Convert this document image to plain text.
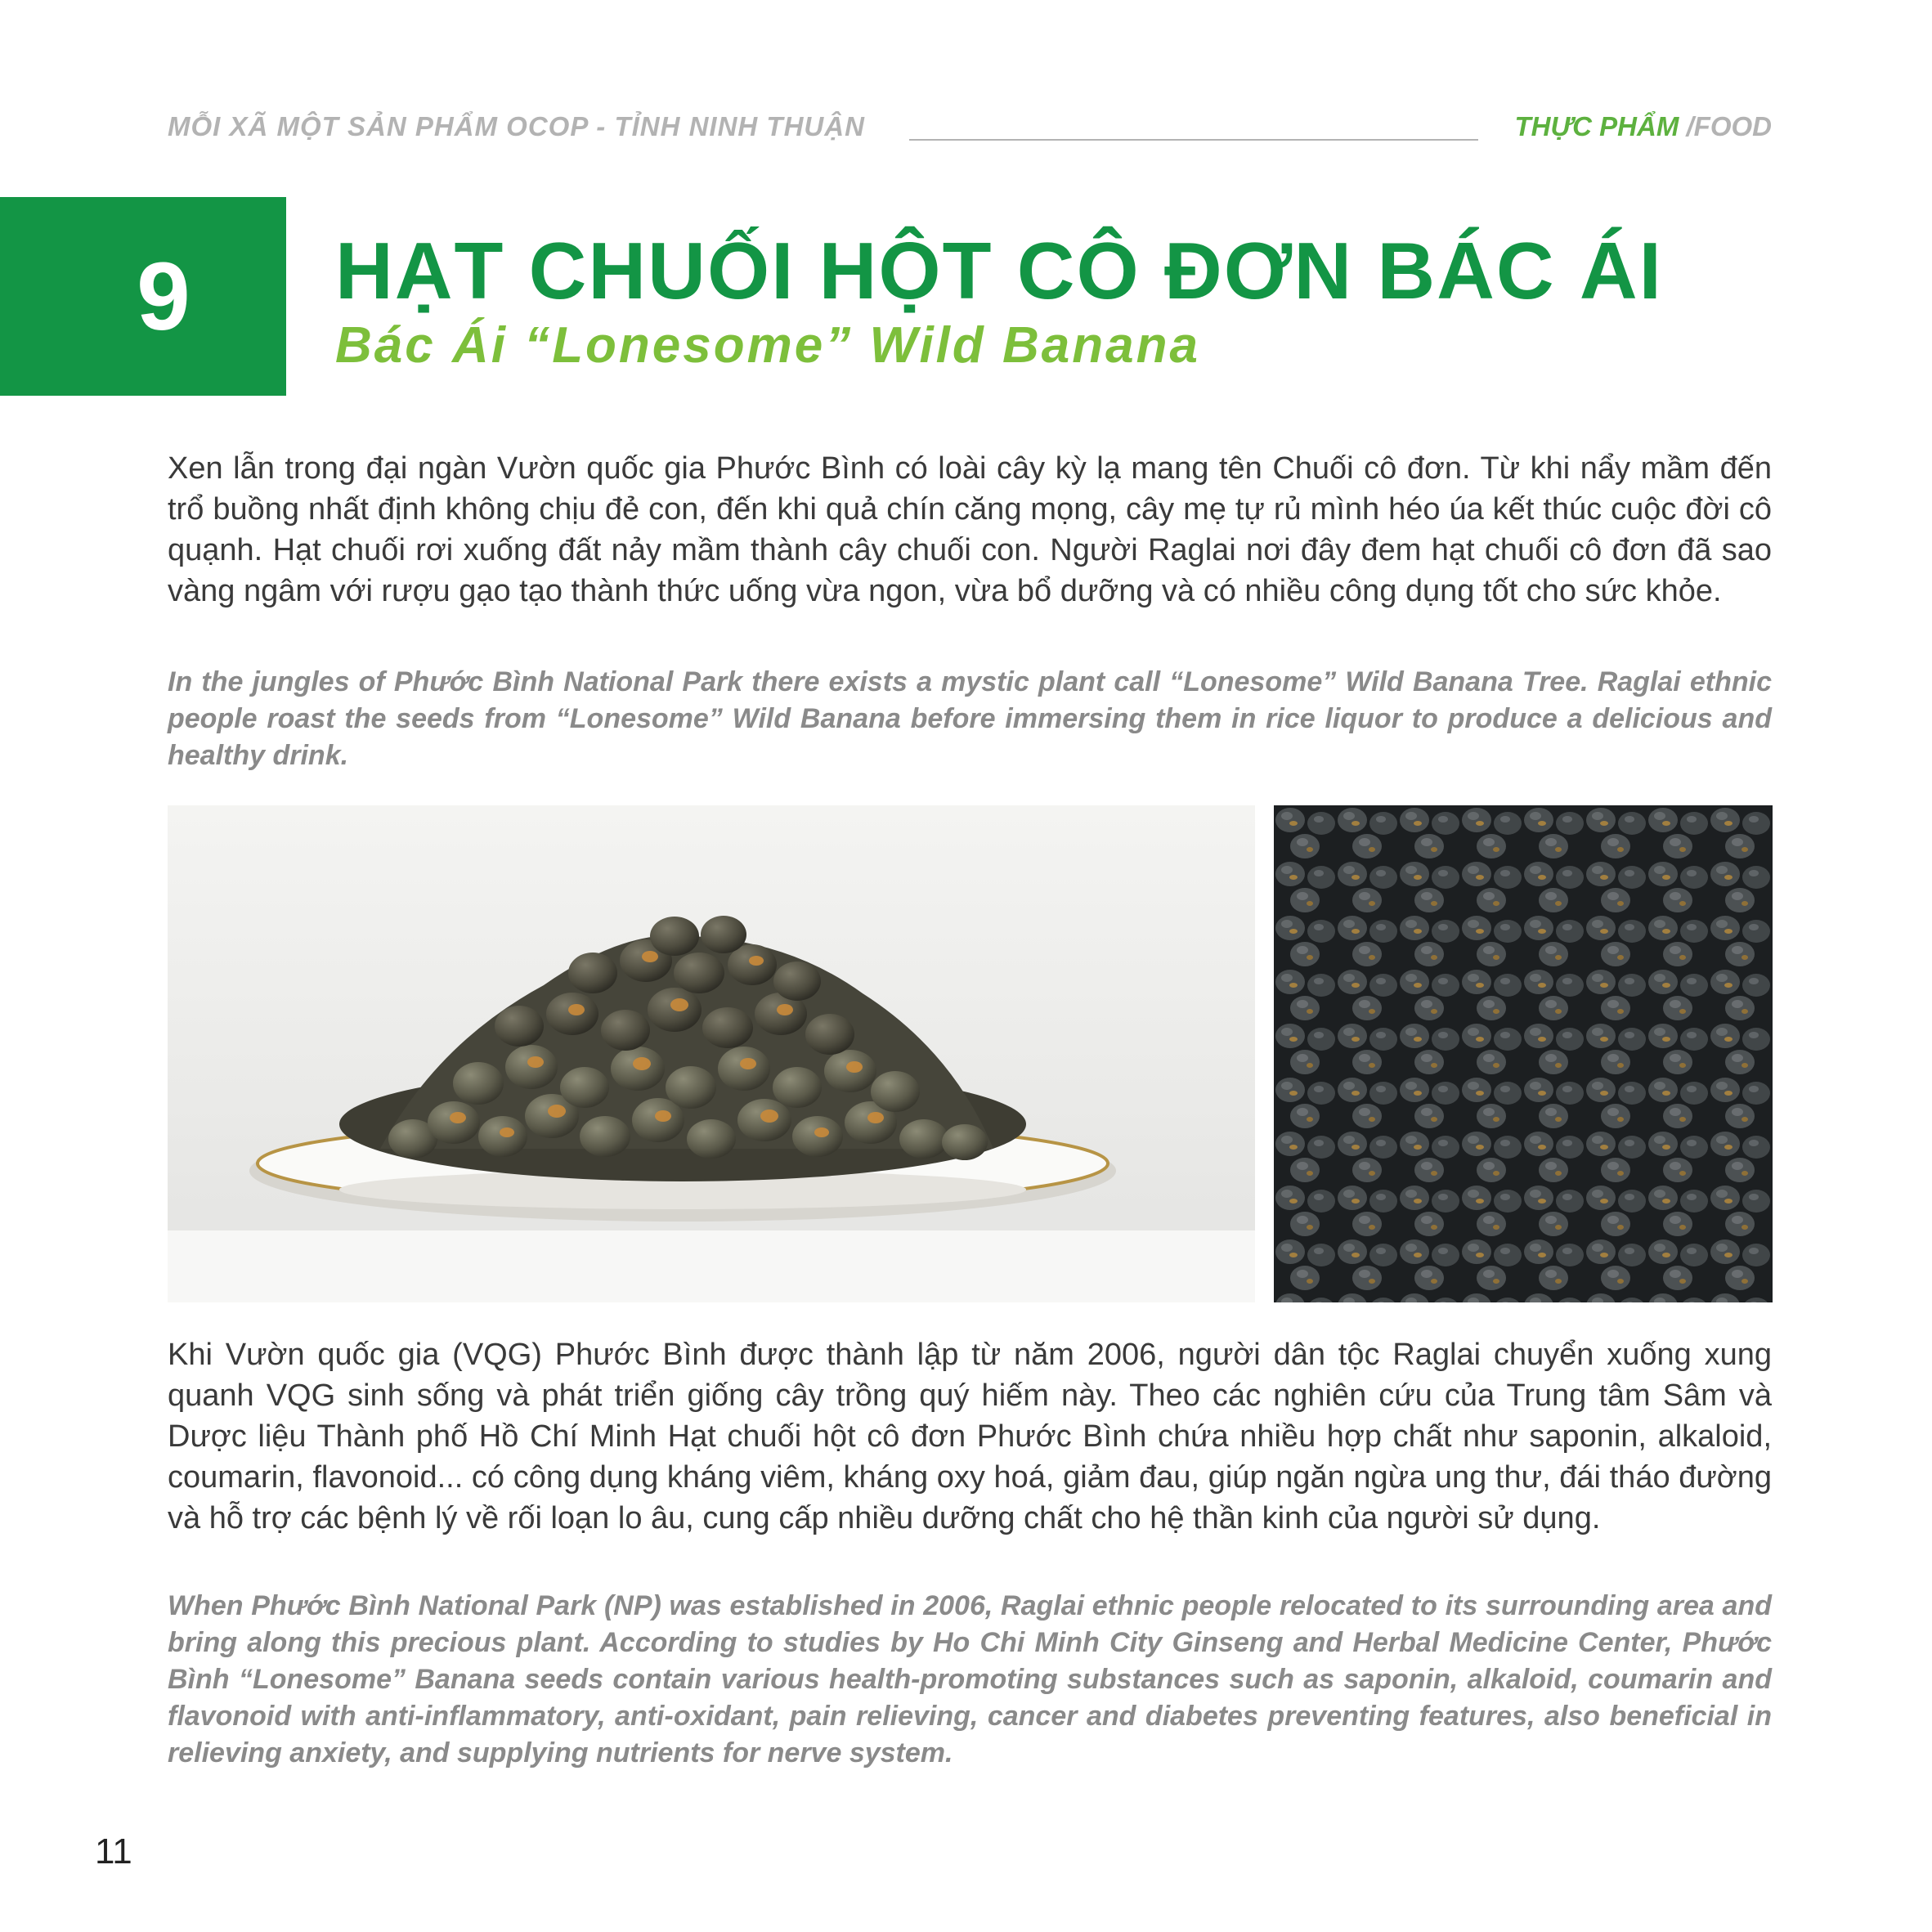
MỖI XÃ MỘT SẢN PHẨM OCOP - TỈNH NINH THUẬN	THỰC PHẨM /FOOD
9 HẠT CHUỐI HỘT CÔ ĐƠN BÁC ÁI
Bác Ái “Lonesome” Wild Banana

Xen lẫn trong đại ngàn Vườn quốc gia Phước Bình có loài cây kỳ lạ mang tên Chuối cô đơn. Từ khi nẩy mầm đến trổ buồng nhất định không chịu đẻ con, đến khi quả chín căng mọng, cây mẹ tự rủ mình héo úa kết thúc cuộc đời cô quạnh. Hạt chuối rơi xuống đất nảy mầm thành cây chuối con. Người Raglai nơi đây đem hạt chuối cô đơn đã sao vàng ngâm với rượu gạo tạo thành thức uống vừa ngon, vừa bổ dưỡng và có nhiều công dụng tốt cho sức khỏe.

In the jungles of Phước Bình National Park there exists a mystic plant call “Lonesome” Wild Banana Tree. Raglai ethnic people roast the seeds from “Lonesome” Wild Banana before immersing them in rice liquor to produce a delicious and healthy drink.

Khi Vườn quốc gia (VQG) Phước Bình được thành lập từ năm 2006, người dân tộc Raglai chuyển xuống xung quanh VQG sinh sống và phát triển giống cây trồng quý hiếm này. Theo các nghiên cứu của Trung tâm Sâm và Dược liệu Thành phố Hồ Chí Minh Hạt chuối hột cô đơn Phước Bình chứa nhiều hợp chất như saponin, alkaloid, coumarin, flavonoid... có công dụng kháng viêm, kháng oxy hoá, giảm đau, giúp ngăn ngừa ung thư, đái tháo đường và hỗ trợ các bệnh lý về rối loạn lo âu, cung cấp nhiều dưỡng chất cho hệ thần kinh của người sử dụng.

When Phước Bình National Park (NP) was established in 2006, Raglai ethnic people relocated to its surrounding area and bring along this precious plant. According to studies by Ho Chi Minh City Ginseng and Herbal Medicine Center, Phước Bình “Lonesome” Banana seeds contain various health-promoting substances such as saponin, alkaloid, coumarin and flavonoid with anti-inflammatory, anti-oxidant, pain relieving, cancer and diabetes preventing features, also beneficial in relieving anxiety, and supplying nutrients for nerve system.

11
